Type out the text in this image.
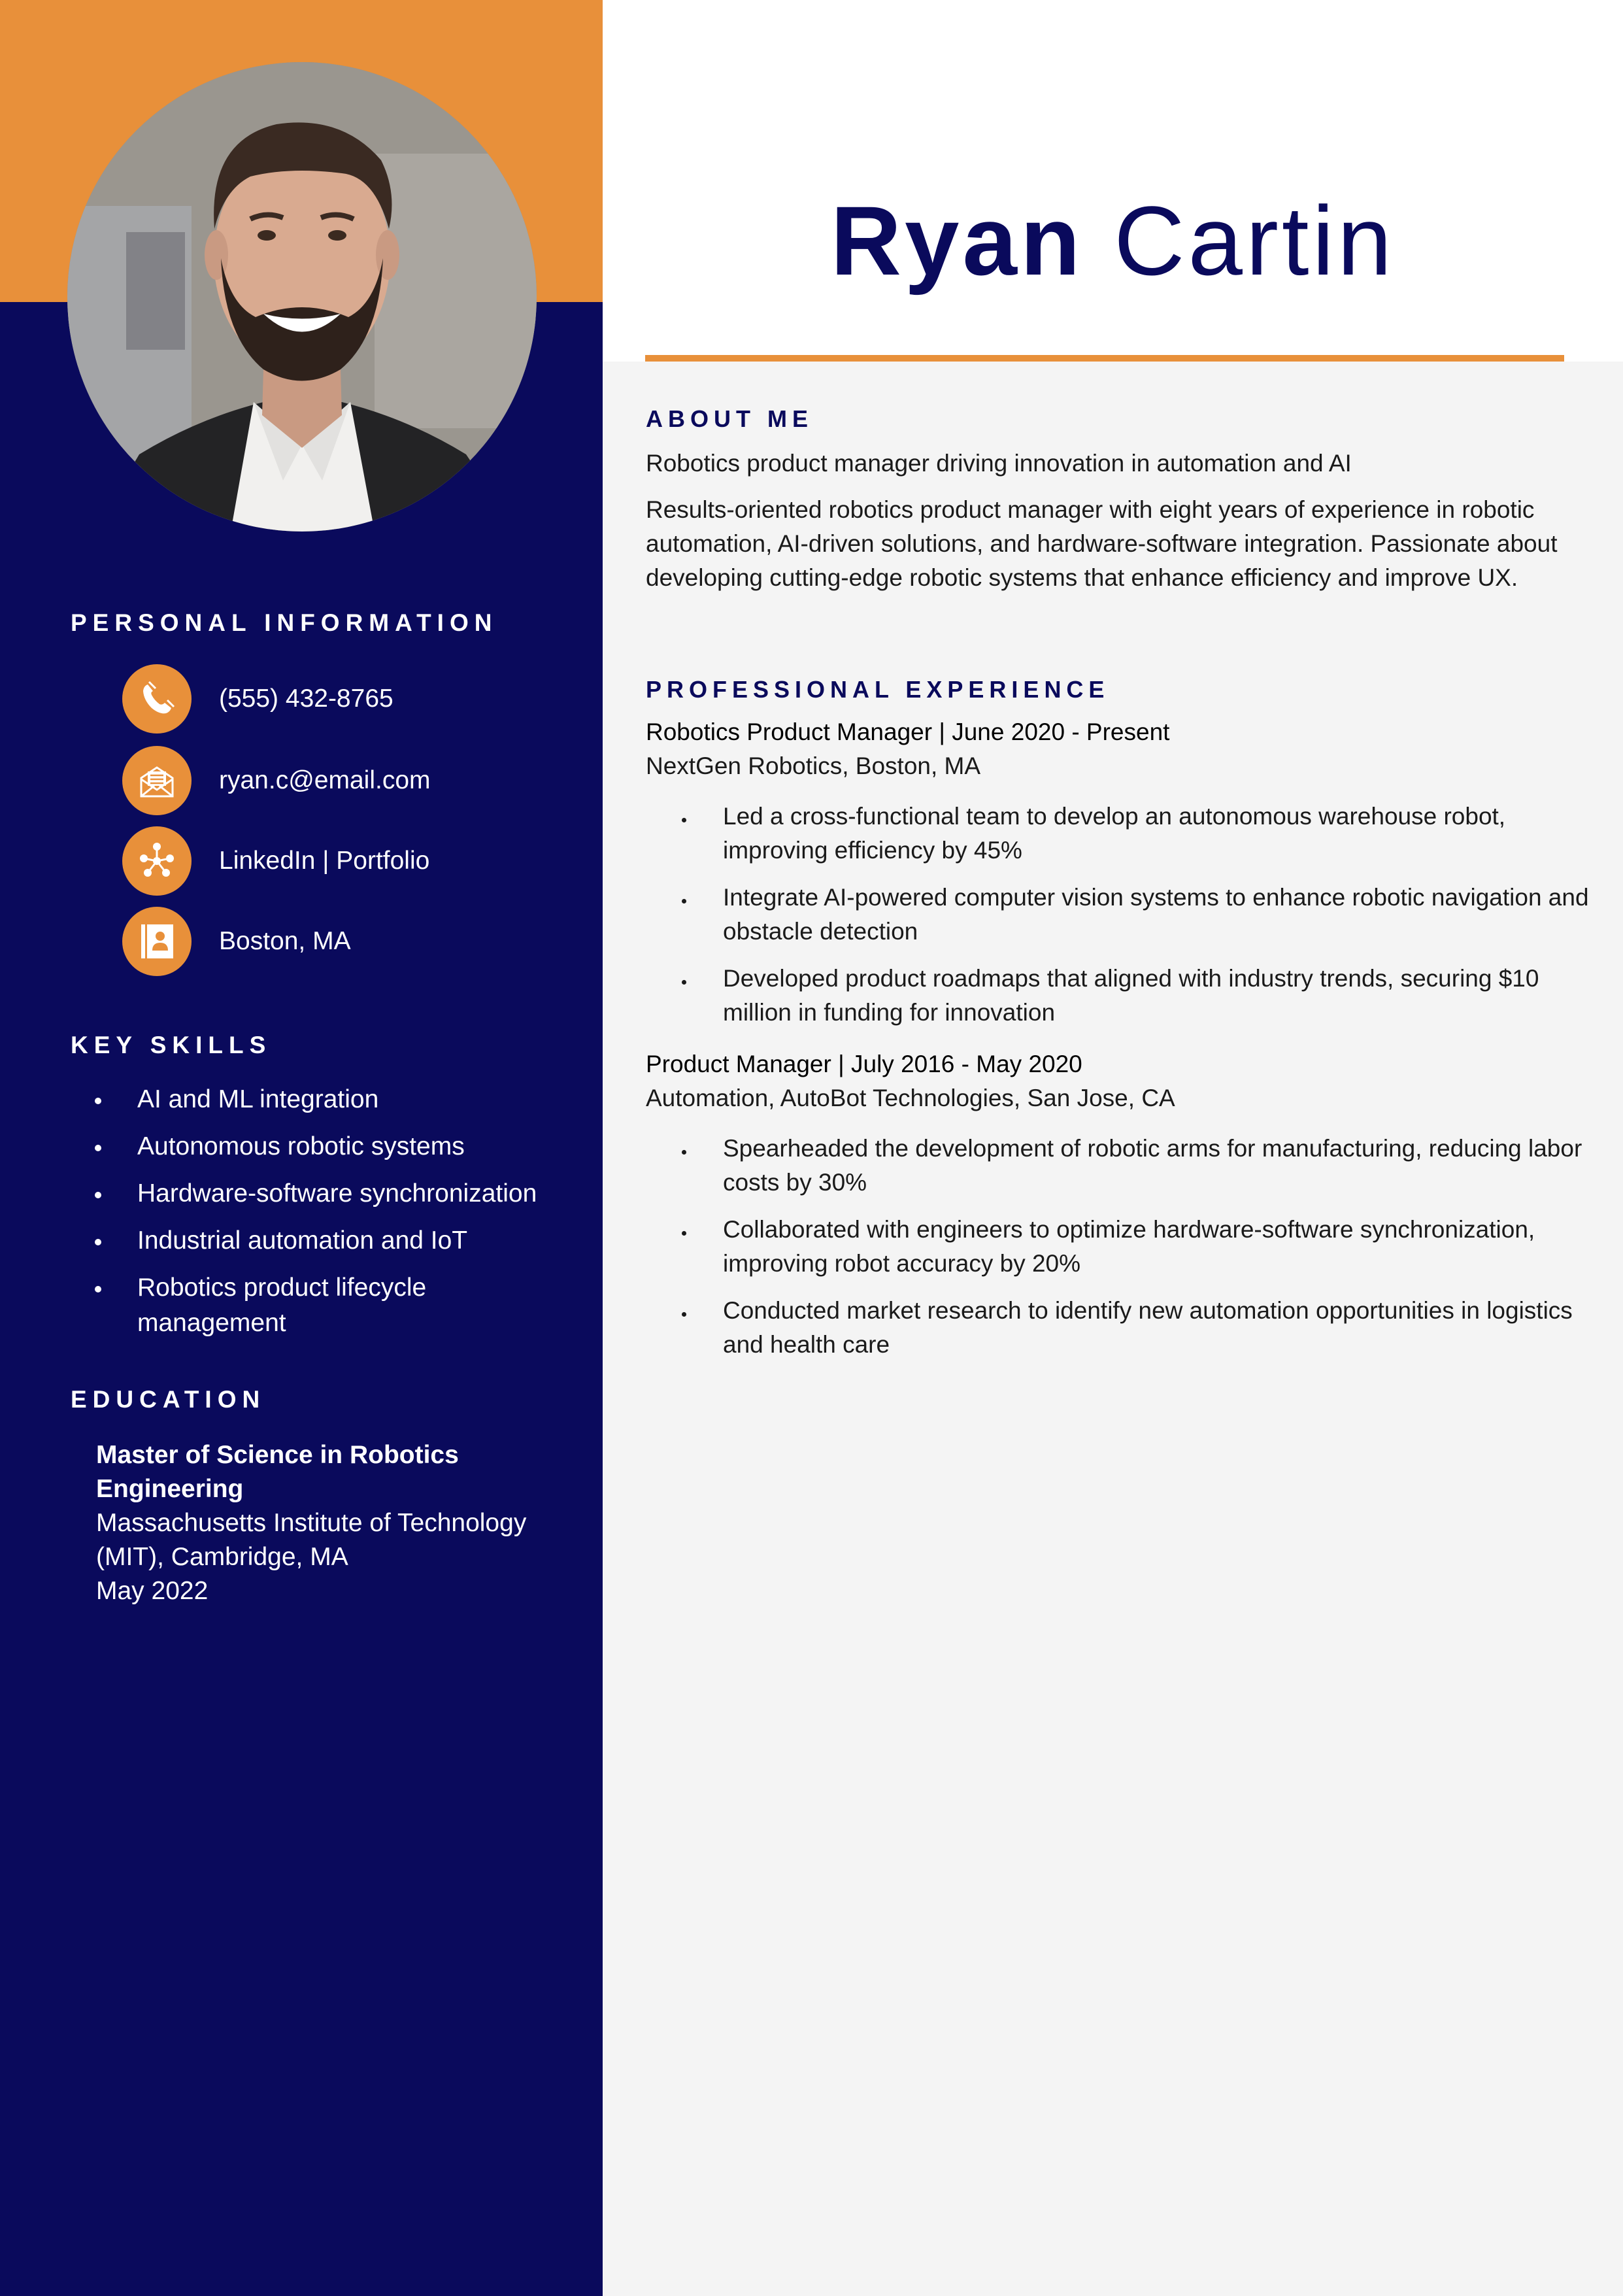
PERSONAL INFORMATION
(555) 432-8765
ryan.c@email.com
LinkedIn | Portfolio
Boston, MA
KEY SKILLS
AI and ML integration
Autonomous robotic systems
Hardware-software synchronization
Industrial automation and IoT
Robotics product lifecycle management
EDUCATION
Master of Science in Robotics Engineering
Massachusetts Institute of Technology (MIT), Cambridge, MA
May 2022
Ryan Cartin
ABOUT ME

Robotics product manager driving innovation in automation and AI

Results-oriented robotics product manager with eight years of experience in robotic automation, AI-driven solutions, and hardware-software integration. Passionate about developing cutting-edge robotic systems that enhance efficiency and improve UX.

PROFESSIONAL EXPERIENCE
Robotics Product Manager | June 2020 - Present
NextGen Robotics, Boston, MA
Led a cross-functional team to develop an autonomous warehouse robot, improving efficiency by 45%
Integrate AI-powered computer vision systems to enhance robotic navigation and obstacle detection
Developed product roadmaps that aligned with industry trends, securing $10 million in funding for innovation
Product Manager | July 2016 - May 2020
Automation, AutoBot Technologies, San Jose, CA
Spearheaded the development of robotic arms for manufacturing, reducing labor costs by 30%
Collaborated with engineers to optimize hardware-software synchronization, improving robot accuracy by 20%
Conducted market research to identify new automation opportunities in logistics and health care
